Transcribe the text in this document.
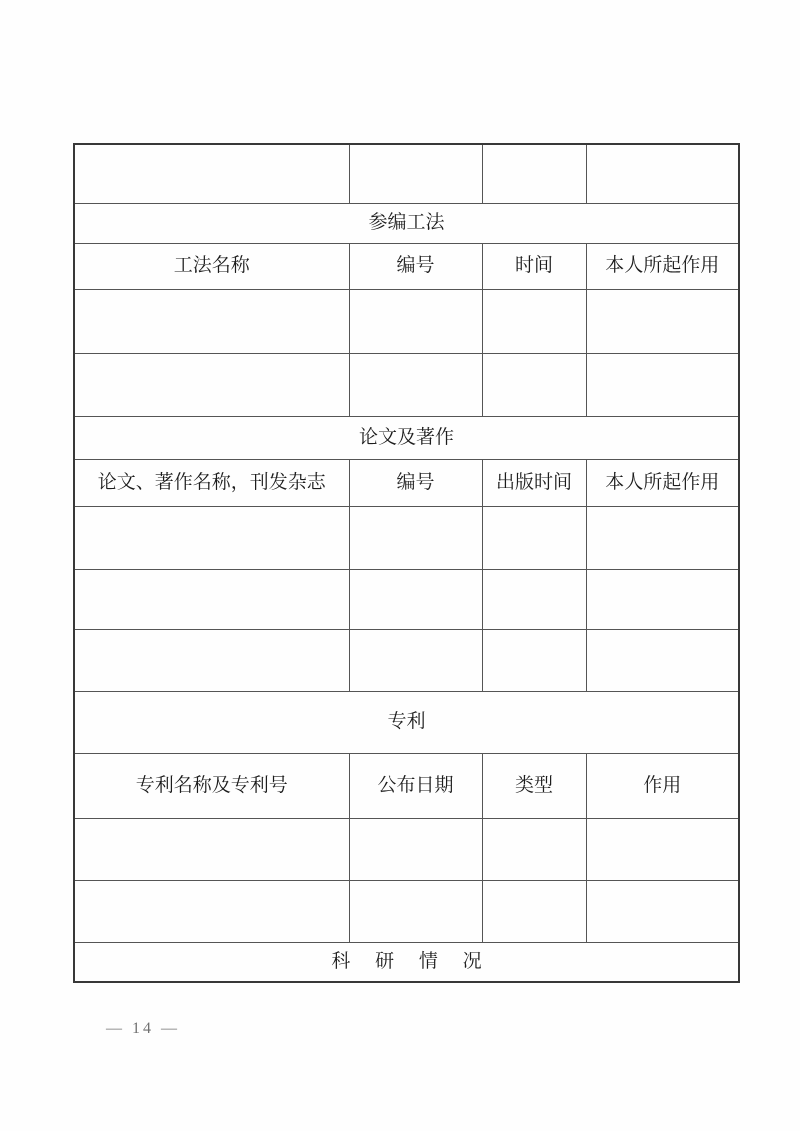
参编工法			
工法名称	编号	时间	本人所起作用

论文及著作			
论文、著作名称，刊发杂志	编号	出版时间	本人所起作用

专利			
专利名称及专利号	公布日期	类型	作用

科 研 情 况			
— 14 —
